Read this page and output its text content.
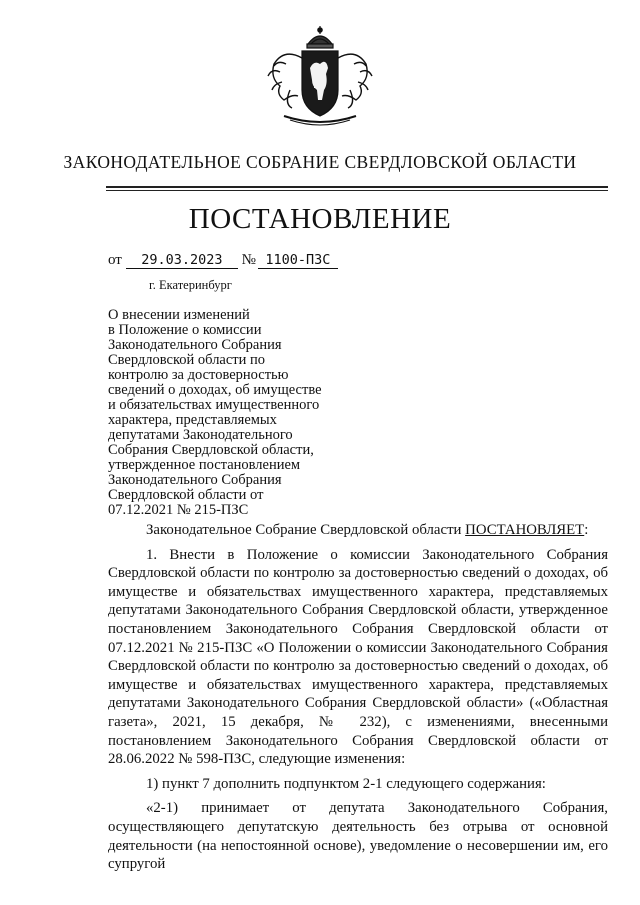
ЗАКОНОДАТЕЛЬНОЕ СОБРАНИЕ СВЕРДЛОВСКОЙ ОБЛАСТИ
ПОСТАНОВЛЕНИЕ
от 29.03.2023 № 1100-ПЗС
г. Екатеринбург
О внесении изменений
в Положение о комиссии
Законодательного Собрания
Свердловской области по
контролю за достоверностью
сведений о доходах, об имуществе
и обязательствах имущественного
характера, представляемых
депутатами Законодательного
Собрания Свердловской области,
утвержденное постановлением
Законодательного Собрания
Свердловской области от
07.12.2021 № 215-ПЗС

Законодательное Собрание Свердловской области ПОСТАНОВЛЯЕТ:

1. Внести в Положение о комиссии Законодательного Собрания Свердловской области по контролю за достоверностью сведений о доходах, об имуществе и обязательствах имущественного характера, представляемых депутатами Законодательного Собрания Свердловской области, утвержденное постановлением Законодательного Собрания Свердловской области от 07.12.2021 № 215-ПЗС «О Положении о комиссии Законодательного Собрания Свердловской области по контролю за достоверностью сведений о доходах, об имуществе и обязательствах имущественного характера, представляемых депутатами Законодательного Собрания Свердловской области» («Областная газета», 2021, 15 декабря, № 232), с изменениями, внесенными постановлением Законодательного Собрания Свердловской области от 28.06.2022 № 598-ПЗС, следующие изменения:

1) пункт 7 дополнить подпунктом 2-1 следующего содержания:

«2-1) принимает от депутата Законодательного Собрания, осуществляющего депутатскую деятельность без отрыва от основной деятельности (на непостоянной основе), уведомление о несовершении им, его супругой
